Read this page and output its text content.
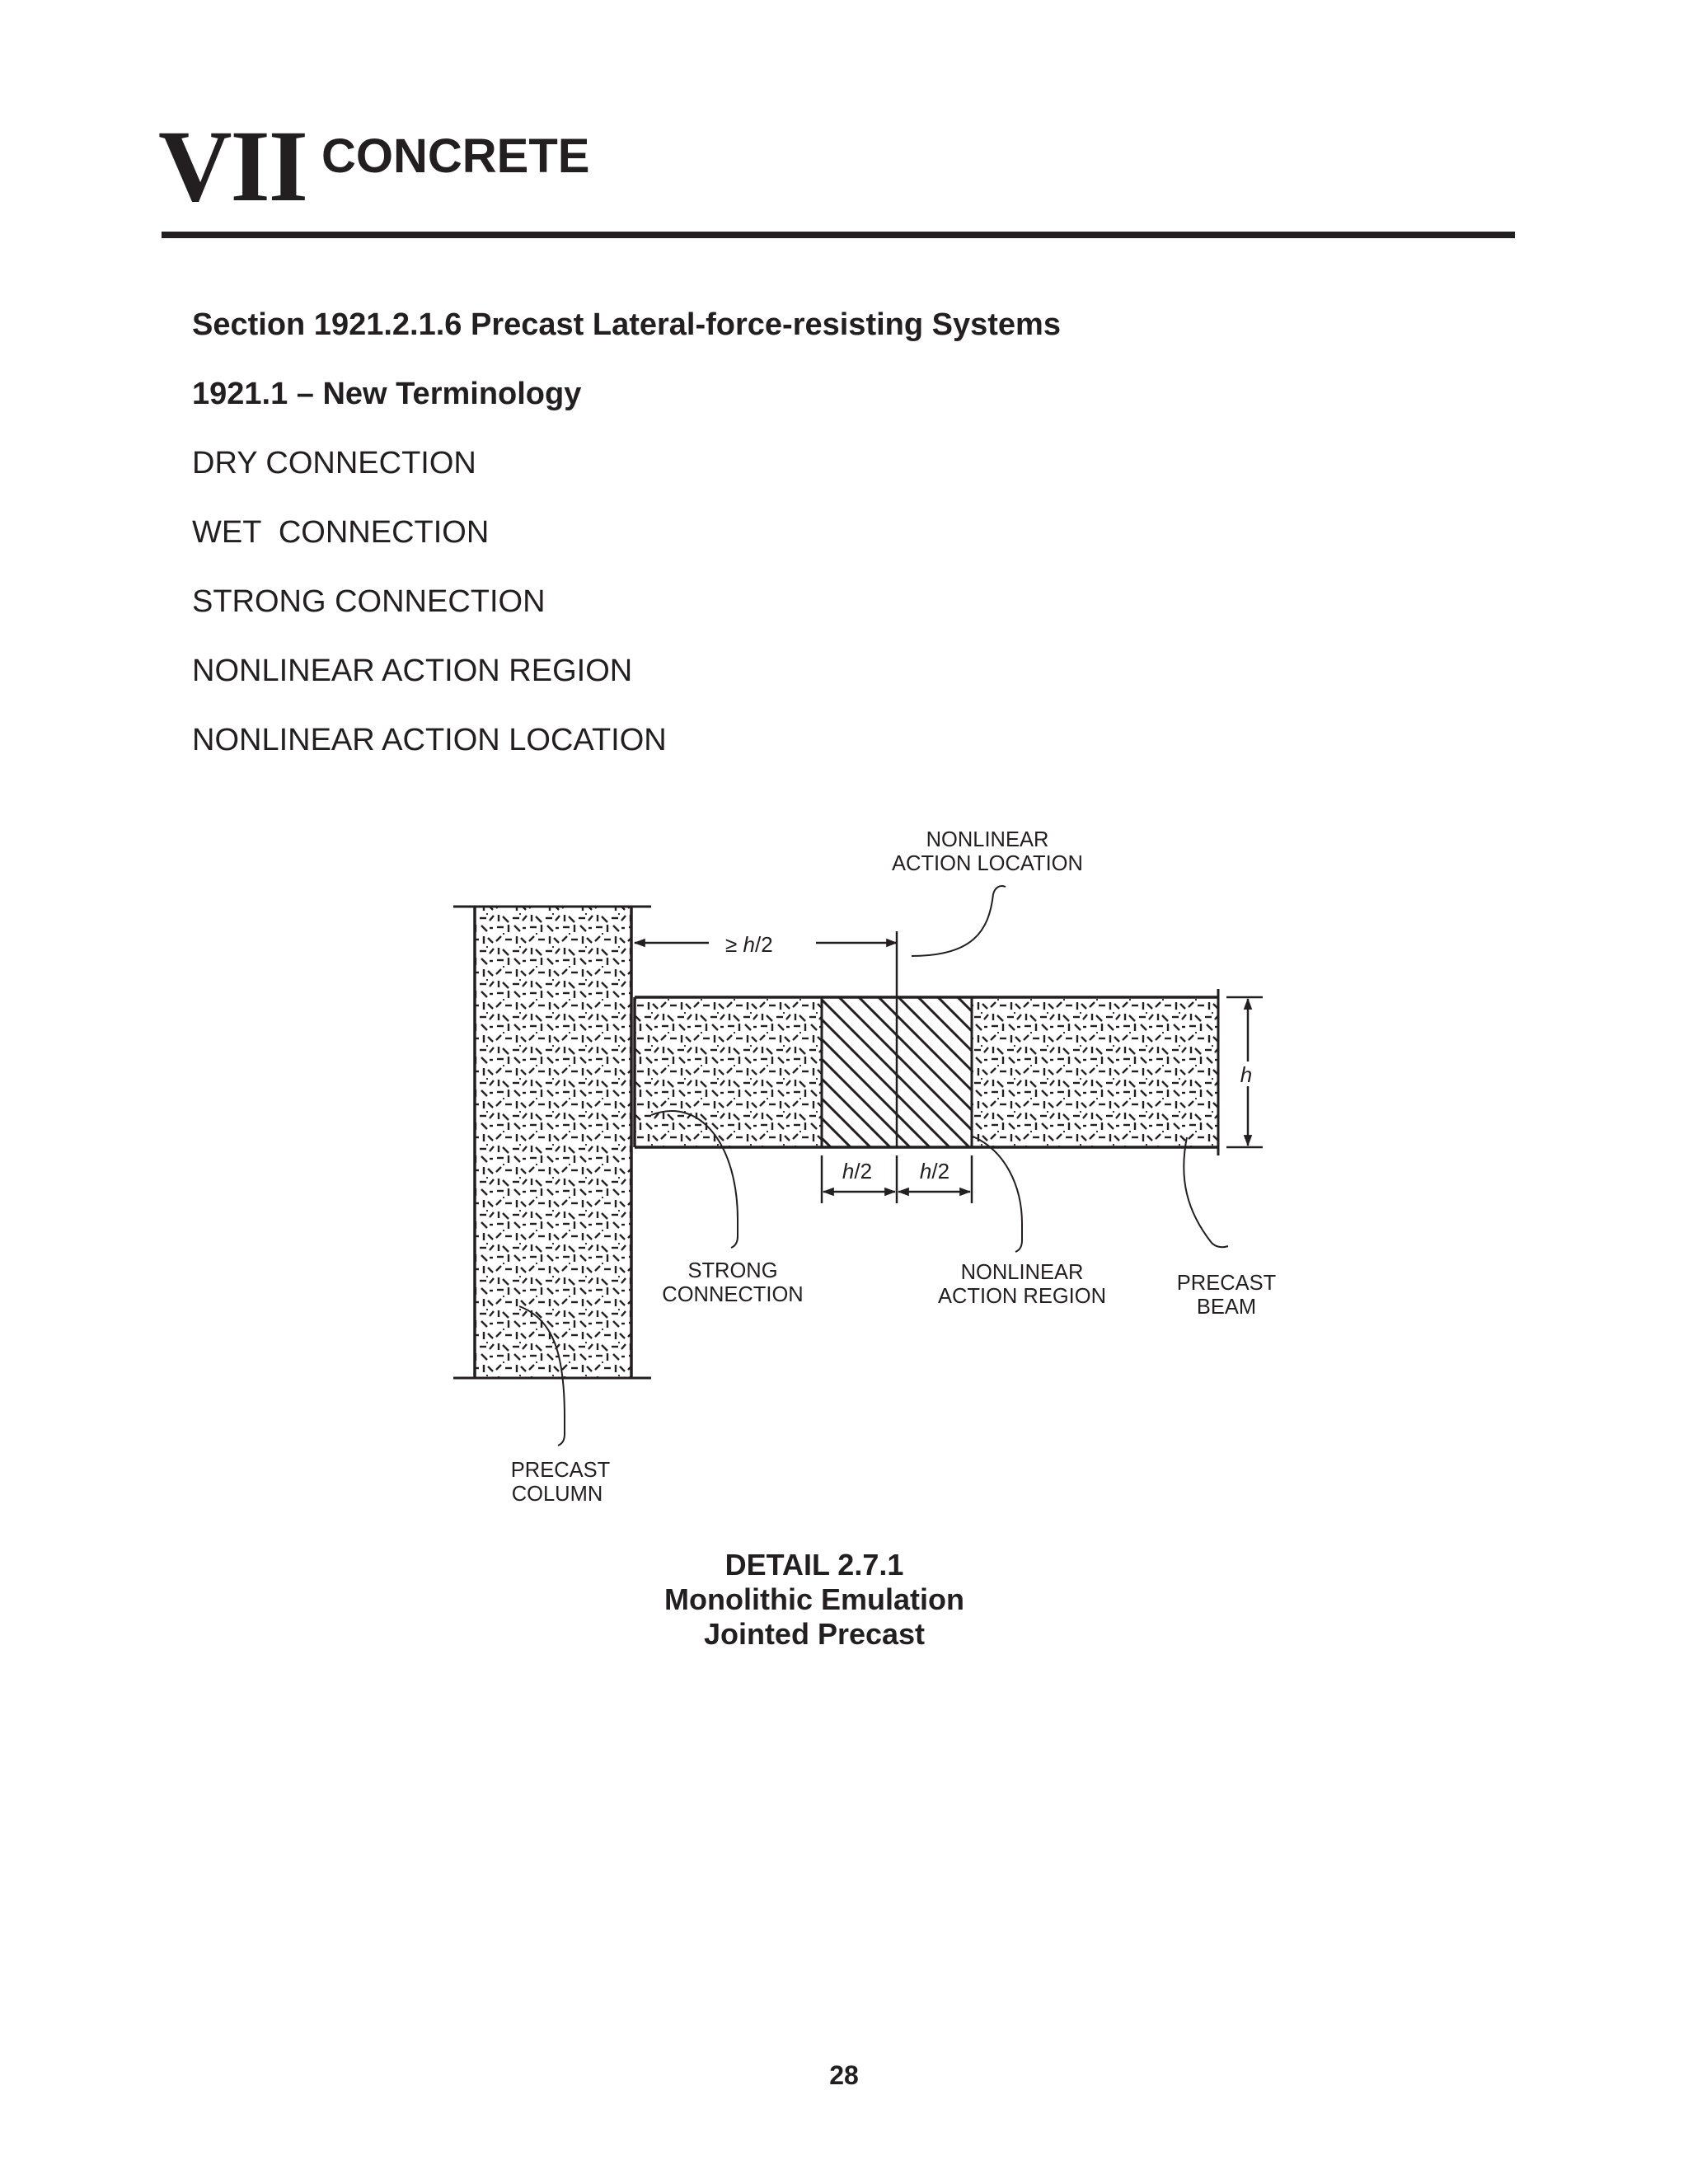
VII CONCRETE
Section 1921.2.1.6 Precast Lateral-force-resisting Systems
1921.1 – New Terminology
DRY CONNECTION
WET  CONNECTION
STRONG CONNECTION
NONLINEAR ACTION REGION
NONLINEAR ACTION LOCATION
≥ h/2
h
h/2 h/2
NONLINEAR
ACTION LOCATION
STRONG
CONNECTION
NONLINEAR
ACTION REGION
PRECAST
BEAM
PRECAST
COLUMN
DETAIL 2.7.1
Monolithic Emulation
Jointed Precast
28
